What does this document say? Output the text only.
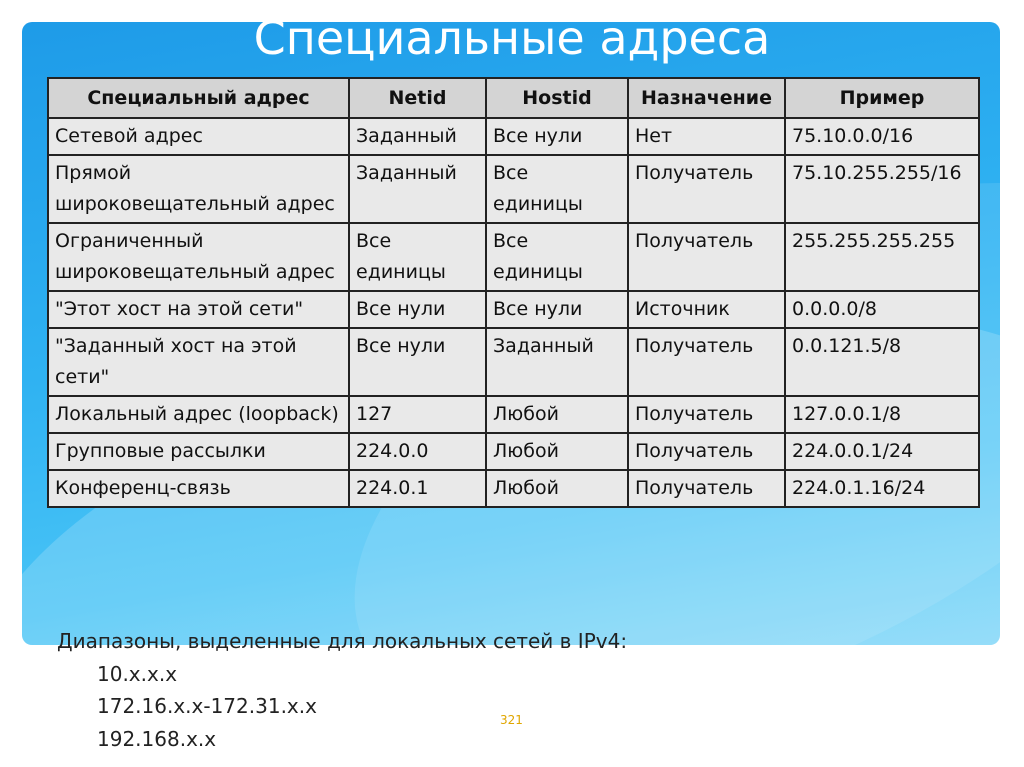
Специальные адреса
Специальный адрес	Netid	Hostid	Назначение	Пример
Сетевой адрес	Заданный	Все нули	Нет	75.10.0.0/16
Прямой широковещательный адрес	Заданный	Все единицы	Получатель	75.10.255.255/16
Ограниченный широковещательный адрес	Все единицы	Все единицы	Получатель	255.255.255.255
"Этот хост на этой сети"	Все нули	Все нули	Источник	0.0.0.0/8
"Заданный хост на этой сети"	Все нули	Заданный	Получатель	0.0.121.5/8
Локальный адрес (loopback)	127	Любой	Получатель	127.0.0.1/8
Групповые рассылки	224.0.0	Любой	Получатель	224.0.0.1/24
Конференц-связь	224.0.1	Любой	Получатель	224.0.1.16/24
Диапазоны, выделенные для локальных сетей в IPv4:
10.x.x.x
172.16.x.x-172.31.x.x
192.168.x.x
321
